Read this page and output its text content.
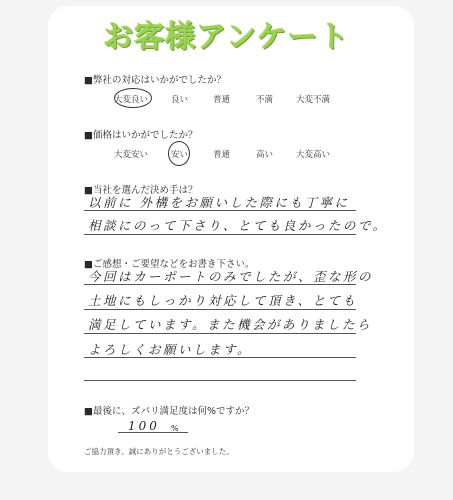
お客様アンケート
■弊社の対応はいかがでしたか？
大変良い	良い	普通	不満	大変不満
■価格はいかがでしたか？
大変安い	安い	普通	高い	大変高い
■当社を選んだ決め手は？
以前に 外構をお願いした際にも丁寧に
相談にのって下さり、とても良かったので。
■ご感想・ご要望などをお書き下さい。
今回はカーポートのみでしたが、歪な形の
土地にもしっかり対応して頂き、とても
満足しています。また機会がありましたら
よろしくお願いします。
■最後に、ズバリ満足度は何%ですか？
100 %
ご協力頂き、誠にありがとうございました。
